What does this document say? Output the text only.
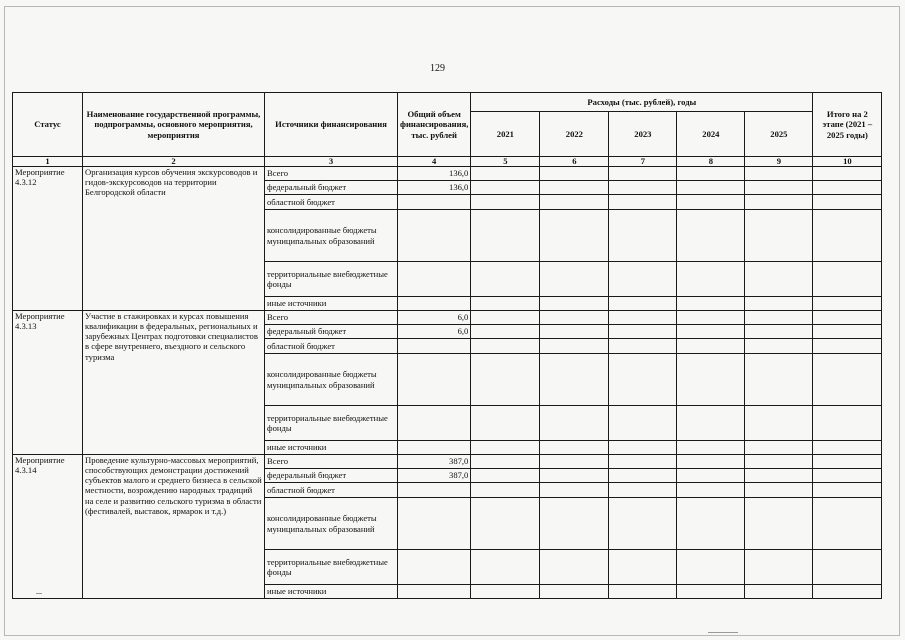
129
Статус	Наименование государственной программы, подпрограммы, основного мероприятия, мероприятия	Источники финансирования	Общий объем финансирования, тыс. рублей	Расходы (тыс. рублей), годы					Итого на 2 этапе (2021 – 2025 годы)
				2021	2022	2023	2024	2025	
1	2	3	4	5	6	7	8	9	10
Мероприятие 4.3.12	Организация курсов обучения экскурсоводов и гидов-экскурсоводов на территории Белгородской области	Всего	136,0						
		федеральный бюджет	136,0						
		областной бюджет							
		консолидированные бюджеты муниципальных образований							
		территориальные внебюджетные фонды							
		иные источники							
Мероприятие 4.3.13	Участие в стажировках и курсах повышения квалификации в федеральных, региональных и зарубежных Центрах подготовки специалистов в сфере внутреннего, въездного и сельского туризма	Всего	6,0						
		федеральный бюджет	6,0						
		областной бюджет							
		консолидированные бюджеты муниципальных образований							
		территориальные внебюджетные фонды							
		иные источники							
Мероприятие 4.3.14	Проведение культурно-массовых мероприятий, способствующих демонстрации достижений субъектов малого и среднего бизнеса в сельской местности, возрождению народных традиций на селе и развитию сельского туризма в области (фестивалей, выставок, ярмарок и т.д.)	Всего	387,0						
		федеральный бюджет	387,0						
		областной бюджет							
		консолидированные бюджеты муниципальных образований							
		территориальные внебюджетные фонды							
		иные источники							
